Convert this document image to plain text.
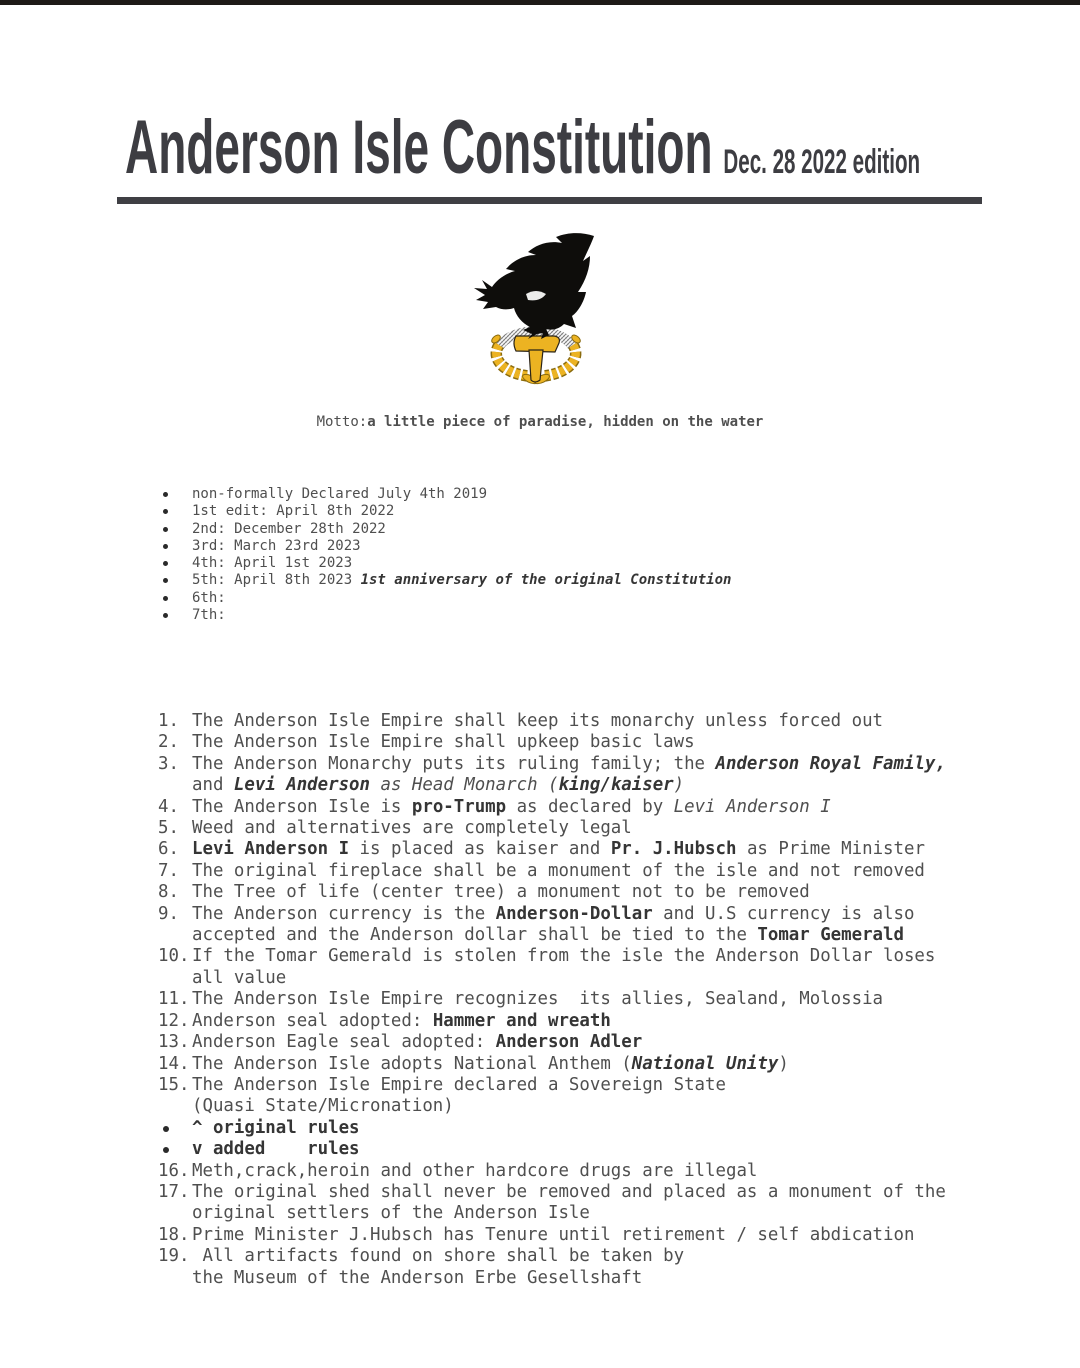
Anderson Isle Constitution Dec. 28 2022 edition
Motto:a little piece of paradise, hidden on the water
non-formally Declared July 4th 2019
1st edit: April 8th 2022
2nd: December 28th 2022
3rd: March 23rd 2023
4th: April 1st 2023
5th: April 8th 2023 1st anniversary of the original Constitution
6th:
7th:
1. The Anderson Isle Empire shall keep its monarchy unless forced out
2. The Anderson Isle Empire shall upkeep basic laws
3. The Anderson Monarchy puts its ruling family; the Anderson Royal Family, and Levi Anderson as Head Monarch (king/kaiser)
4. The Anderson Isle is pro-Trump as declared by Levi Anderson I
5. Weed and alternatives are completely legal
6. Levi Anderson I is placed as kaiser and Pr. J.Hubsch as Prime Minister
7. The original fireplace shall be a monument of the isle and not removed
8. The Tree of life (center tree) a monument not to be removed
9. The Anderson currency is the Anderson-Dollar and U.S currency is also accepted and the Anderson dollar shall be tied to the Tomar Gemerald
10. If the Tomar Gemerald is stolen from the isle the Anderson Dollar loses all value
11. The Anderson Isle Empire recognizes  its allies, Sealand, Molossia
12. Anderson seal adopted: Hammer and wreath
13. Anderson Eagle seal adopted: Anderson Adler
14. The Anderson Isle adopts National Anthem (National Unity)
15. The Anderson Isle Empire declared a Sovereign State
(Quasi State/Micronation)
^ original rules
v added    rules
16. Meth,crack,heroin and other hardcore drugs are illegal
17. The original shed shall never be removed and placed as a monument of the original settlers of the Anderson Isle
18. Prime Minister J.Hubsch has Tenure until retirement / self abdication
19. All artifacts found on shore shall be taken by
the Museum of the Anderson Erbe Gesellshaft
